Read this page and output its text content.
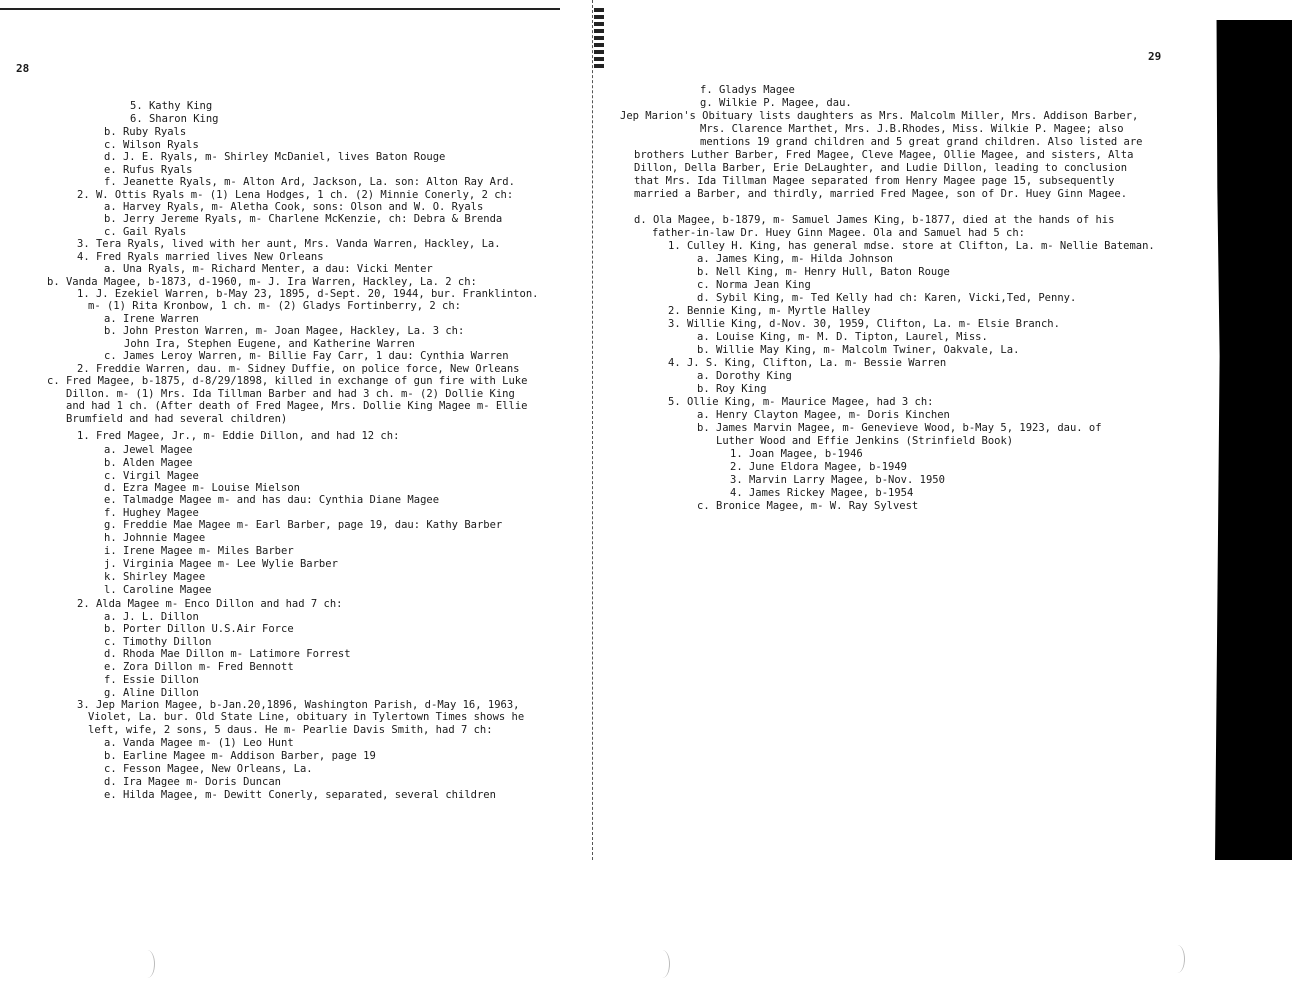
28
29
5. Kathy King
6. Sharon King
b. Ruby Ryals
c. Wilson Ryals
d. J. E. Ryals, m- Shirley McDaniel, lives Baton Rouge
e. Rufus Ryals
f. Jeanette Ryals, m- Alton Ard, Jackson, La. son: Alton Ray Ard.
2. W. Ottis Ryals m- (1) Lena Hodges, 1 ch. (2) Minnie Conerly, 2 ch:
a. Harvey Ryals, m- Aletha Cook, sons: Olson and W. O. Ryals
b. Jerry Jereme Ryals, m- Charlene McKenzie, ch: Debra & Brenda
c. Gail Ryals
3. Tera Ryals, lived with her aunt, Mrs. Vanda Warren, Hackley, La.
4. Fred Ryals married lives New Orleans
a. Una Ryals, m- Richard Menter, a dau: Vicki Menter
b. Vanda Magee, b-1873, d-1960, m- J. Ira Warren, Hackley, La. 2 ch:
1. J. Ezekiel Warren, b-May 23, 1895, d-Sept. 20, 1944, bur. Franklinton.
m- (1) Rita Kronbow, 1 ch. m- (2) Gladys Fortinberry, 2 ch:
a. Irene Warren
b. John Preston Warren, m- Joan Magee, Hackley, La. 3 ch:
John Ira, Stephen Eugene, and Katherine Warren
c. James Leroy Warren, m- Billie Fay Carr, 1 dau: Cynthia Warren
2. Freddie Warren, dau. m- Sidney Duffie, on police force, New Orleans
c. Fred Magee, b-1875, d-8/29/1898, killed in exchange of gun fire with Luke
Dillon. m- (1) Mrs. Ida Tillman Barber and had 3 ch. m- (2) Dollie King
and had 1 ch. (After death of Fred Magee, Mrs. Dollie King Magee m- Ellie
Brumfield and had several children)
1. Fred Magee, Jr., m- Eddie Dillon, and had 12 ch:
a. Jewel Magee
b. Alden Magee
c. Virgil Magee
d. Ezra Magee m- Louise Mielson
e. Talmadge Magee m- and has dau: Cynthia Diane Magee
f. Hughey Magee
g. Freddie Mae Magee m- Earl Barber, page 19, dau: Kathy Barber
h. Johnnie Magee
i. Irene Magee m- Miles Barber
j. Virginia Magee m- Lee Wylie Barber
k. Shirley Magee
l. Caroline Magee
2. Alda Magee m- Enco Dillon and had 7 ch:
a. J. L. Dillon
b. Porter Dillon U.S.Air Force
c. Timothy Dillon
d. Rhoda Mae Dillon m- Latimore Forrest
e. Zora Dillon m- Fred Bennott
f. Essie Dillon
g. Aline Dillon
3. Jep Marion Magee, b-Jan.20,1896, Washington Parish, d-May 16, 1963,
Violet, La. bur. Old State Line, obituary in Tylertown Times shows he
left, wife, 2 sons, 5 daus. He m- Pearlie Davis Smith, had 7 ch:
a. Vanda Magee m- (1) Leo Hunt
b. Earline Magee m- Addison Barber, page 19
c. Fesson Magee, New Orleans, La.
d. Ira Magee m- Doris Duncan
e. Hilda Magee, m- Dewitt Conerly, separated, several children
f. Gladys Magee
g. Wilkie P. Magee, dau.
Jep Marion's Obituary lists daughters as Mrs. Malcolm Miller, Mrs. Addison Barber,
Mrs. Clarence Marthet, Mrs. J.B.Rhodes, Miss. Wilkie P. Magee; also
mentions 19 grand children and 5 great grand children. Also listed are
brothers Luther Barber, Fred Magee, Cleve Magee, Ollie Magee, and sisters, Alta
Dillon, Della Barber, Erie DeLaughter, and Ludie Dillon, leading to conclusion
that Mrs. Ida Tillman Magee separated from Henry Magee page 15, subsequently
married a Barber, and thirdly, married Fred Magee, son of Dr. Huey Ginn Magee.
d. Ola Magee, b-1879, m- Samuel James King, b-1877, died at the hands of his
father-in-law Dr. Huey Ginn Magee. Ola and Samuel had 5 ch:
1. Culley H. King, has general mdse. store at Clifton, La. m- Nellie Bateman.
a. James King, m- Hilda Johnson
b. Nell King, m- Henry Hull, Baton Rouge
c. Norma Jean King
d. Sybil King, m- Ted Kelly had ch: Karen, Vicki,Ted, Penny.
2. Bennie King, m- Myrtle Halley
3. Willie King, d-Nov. 30, 1959, Clifton, La. m- Elsie Branch.
a. Louise King, m- M. D. Tipton, Laurel, Miss.
b. Willie May King, m- Malcolm Twiner, Oakvale, La.
4. J. S. King, Clifton, La. m- Bessie Warren
a. Dorothy King
b. Roy King
5. Ollie King, m- Maurice Magee, had 3 ch:
a. Henry Clayton Magee, m- Doris Kinchen
b. James Marvin Magee, m- Genevieve Wood, b-May 5, 1923, dau. of
Luther Wood and Effie Jenkins (Strinfield Book)
1. Joan Magee, b-1946
2. June Eldora Magee, b-1949
3. Marvin Larry Magee, b-Nov. 1950
4. James Rickey Magee, b-1954
c. Bronice Magee, m- W. Ray Sylvest
